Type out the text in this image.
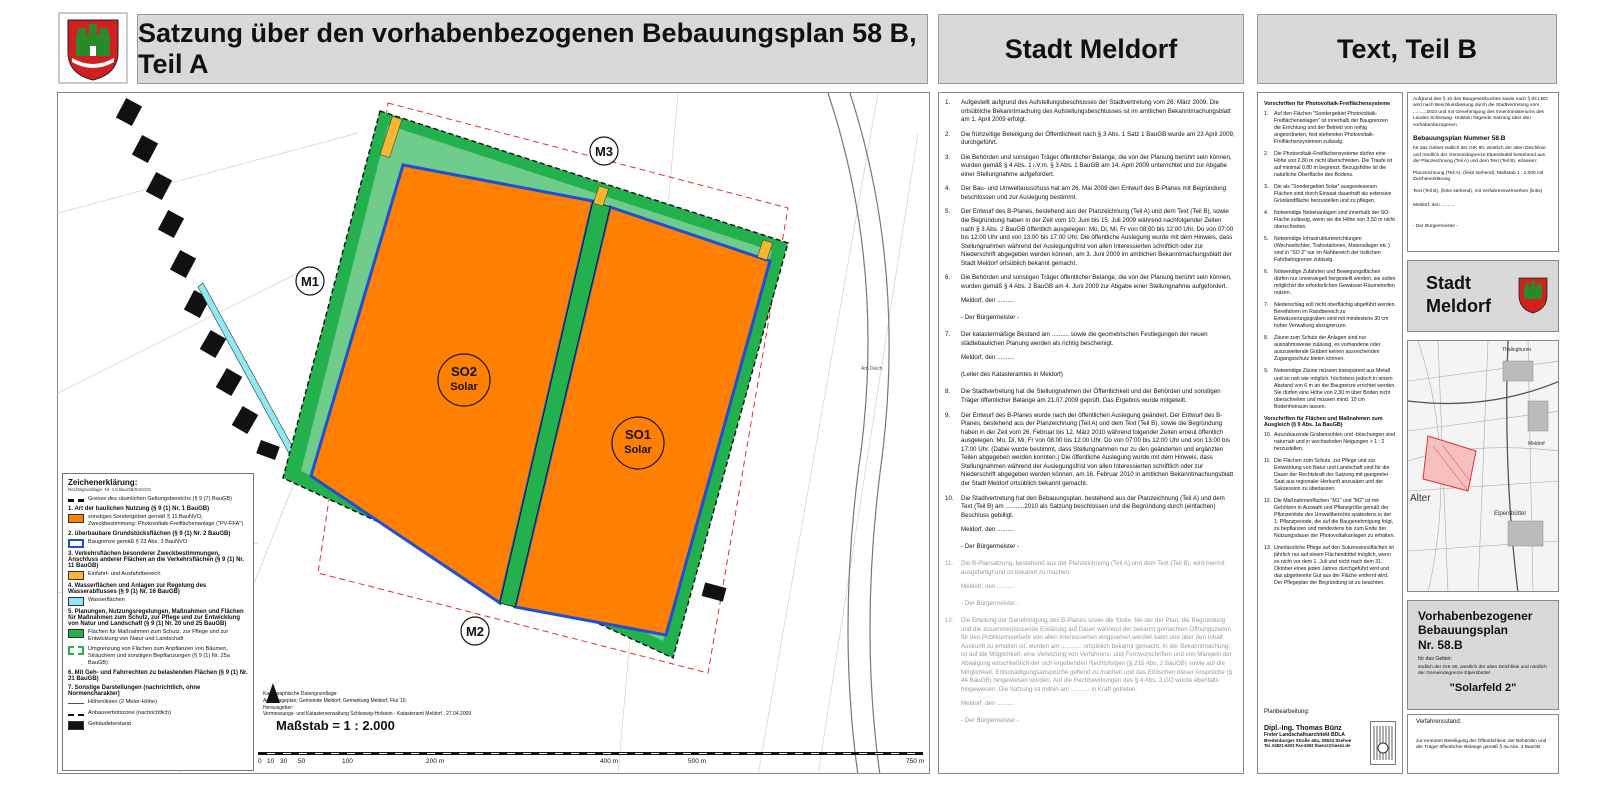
Satzung über den vorhabenbezogenen Bebauungsplan 58 B, Teil A
Stadt Meldorf	Text, Teil B
M1
M2
M3
SO2
Solar
SO1
Solar
Am Deich
Zeichenerklärung:
Rechtsgrundlage: Nr. 4.5 BauGB/ImSchG
Grenze des räumlichen Geltungsbereichs (§ 9 (7) BauGB)
1. Art der baulichen Nutzung (§ 9 (1) Nr. 1 BauGB)
sonstiges Sondergebiet gemäß § 11 BauNVO, Zweckbestimmung: Photovoltaik-Freiflächenanlage ("PV-FFA")
2. überbaubare Grundstücksflächen (§ 9 (1) Nr. 2 BauGB)
Baugrenze gemäß § 23 Abs. 3 BauNVO
3. Verkehrsflächen besonderer Zweckbestimmungen, Anschluss anderer Flächen an die Verkehrsflächen (§ 9 (1) Nr. 11 BauGB)
Einfahrt- und Ausfahrtbereich
4. Wasserflächen und Anlagen zur Regelung des Wasserabflusses (§ 9 (1) Nr. 16 BauGB)
Wasserflächen
5. Planungen, Nutzungsregelungen, Maßnahmen und Flächen für Maßnahmen zum Schutz, zur Pflege und zur Entwicklung von Natur und Landschaft (§ 9 (1) Nr. 20 und 25 BauGB)
Flächen für Maßnahmen zum Schutz, zur Pflege und zur Entwicklung von Natur und Landschaft
Umgrenzung von Flächen zum Anpflanzen von Bäumen, Sträuchern und sonstigen Bepflanzungen (§ 9 (1) Nr. 25a BauGB)
6. Mit Geh- und Fahrrechten zu belastenden Flächen (§ 9 (1) Nr. 21 BauGB)
7. Sonstige Darstellungen (nachrichtlich, ohne Normencharakter)
Höhenlinien (2 Meter-Höhe)
Anbauverbotszone (nachrichtlich)
Gebäudebestand
Kartographische Datengrundlage:
Amtl. Lageplan; Gemeinde Meldorf, Gemarkung Meldorf, Flur 16;
Herausgeber:
Vermessungs- und Katasterverwaltung Schleswig-Holstein - Katasteramt Meldorf , 27.04.2009
Maßstab = 1 : 2.000
0 10 30 50	100	200 m	400 m	500 m	750 m
1.	Aufgestellt aufgrund des Aufstellungsbeschlusses der Stadtvertretung vom 26. März 2009. Die ortsübliche Bekanntmachung des Aufstellungsbeschlusses ist im amtlichen Bekanntmachungsblatt am 1. April 2009 erfolgt.
2.	Die frühzeitige Beteiligung der Öffentlichkeit nach § 3 Abs. 1 Satz 1 BauGB wurde am 23 April 2009, durchgeführt.
3.	Die Behörden und sonstigen Träger öffentlicher Belange, die von der Planung berührt sein können, wurden gemäß § 4 Abs. 1 i.V.m. § 3 Abs. 1 BauGB am 14. April 2009 unterrichtet und zur Abgabe einer Stellungnahme aufgefordert.
4.	Der Bau- und Umweltausschuss hat am 26. Mai 2009 den Entwurf des B-Planes mit Begründung beschlossen und zur Auslegung bestimmt.
5.	Der Entwurf des B-Planes, bestehend aus der Planzeichnung (Teil A) und dem Text (Teil B), sowie die Begründung haben in der Zeit vom 10. Juni bis 15. Juli 2009 während nachfolgender Zeiten nach § 3 Abs. 2 BauGB öffentlich ausgelegen: Mo, Di, Mi, Fr von 08:00 bis 12:00 Uhr, Do von 07:00 bis 12:00 Uhr und von 13:00 bis 17:00 Uhr. Die öffentliche Auslegung wurde mit dem Hinweis, dass Stellungnahmen während der Auslegungsfrist von allen Interessierten schriftlich oder zur Niederschrift abgegeben werden können, am 3. Juni 2009 im amtlichen Bekanntmachungsblatt der Stadt Meldorf ortsüblich bekannt gemacht.
6.	Die Behörden und sonstigen Träger öffentlicher Belange, die von der Planung berührt sein können, wurden gemäß § 4 Abs. 2 BauGB am 4. Juni 2009 zur Abgabe einer Stellungnahme aufgefordert.
Meldorf, den ..........
- Der Bürgermeister -
7.	Der katastermäßige Bestand am .......... sowie die geometrischen Festlegungen der neuen städtebaulichen Planung werden als richtig bescheinigt.
Meldorf, den ..........
(Leiter des Katasteramtes in Meldorf)
8.	Die Stadtvertretung hat die Stellungnahmen der Öffentlichkeit und der Behörden und sonstigen Träger öffentlicher Belange am 21.07.2009 geprüft. Das Ergebnis wurde mitgeteilt.
9.	Der Entwurf des B-Planes wurde nach der öffentlichen Auslegung geändert. Der Entwurf des B-Planes, bestehend aus der Planzeichnung (Teil A) und dem Text (Teil B), sowie die Begründung haben in der Zeit vom 26. Februar bis 12. März 2010 während folgender Zeiten erneut öffentlich ausgelegen: Mo, Di, Mi, Fr von 08:00 bis 12:00 Uhr, Do von 07:00 bis 12:00 Uhr und von 13:00 bis 17:00 Uhr. (Dabei wurde bestimmt, dass Stellungnahmen nur zu den geänderten und ergänzten Teilen abgegeben werden konnten.) Die öffentliche Auslegung wurde mit dem Hinweis, dass Stellungnahmen während der Auslegungsfrist von allen Interessierten schriftlich oder zur Niederschrift abgegeben werden können, am 16. Februar 2010 in amtlichen Bekanntmachungsblatt der Stadt Meldorf ortsüblich bekannt gemacht.
10.	Die Stadtvertretung hat den Bebauungsplan, bestehend aus der Planzeichnung (Teil A) und dem Text (Teil B) am ...........2010 als Satzung beschlossen und die Begründung durch (einfachen) Beschluss gebilligt.
Meldorf, den ..........
- Der Bürgermeister -
11.	Die B-Plansatzung, bestehend aus der Planzeichnung (Teil A) und dem Text (Teil B), wird hiermit ausgefertigt und ist bekannt zu machen.
Meldorf, den ..........
- Der Bürgermeister -
12.	Die Erteilung der Genehmigung des B-Planes sowie die Stelle, bei der der Plan, die Begründung und die zusammenfassende Erklärung auf Dauer während der bekannt gemachten Öffnungszeiten für den Publikumsverkehr von allen Interessierten eingesehen werden kann und über den Inhalt Auskunft zu erhalten ist, wurden am ............ ortsüblich bekannt gemacht. In der Bekanntmachung ist auf die Möglichkeit, eine Verletzung von Verfahrens- und Formvorschriften und von Mängeln der Abwägung einschließlich der sich ergebenden Rechtsfolgen (§ 215 Abs. 2 BauGB) sowie auf die Möglichkeit, Entschädigungsansprüche geltend zu machen und das Erlöschen dieser Ansprüche (§ 44 BauGB) hingewiesen worden. Auf die Rechtswirkungen des § 4 Abs. 3 GO wurde ebenfalls hingewiesen. Die Satzung ist mithin am ........... in Kraft getreten.
Meldorf, den ..........
- Der Bürgermeister -
Vorschriften für Photovoltaik-Freiflächensysteme

1.	Auf den Flächen "Sondergebiet Photovoltaik-Freiflächenanlagen" ist innerhalb der Baugrenzen die Errichtung und der Betrieb von reihig angeordneten, fest stehenden Photovoltaik-Freiflächensystemen zulässig.

2.	Die Photovoltaik-Freiflächensysteme dürfen eine Höhe von 2,80 m nicht überschreiten. Die Traufe ist auf minimal 0,80 m begrenzt. Bezugshöhe ist die natürliche Oberfläche des Bodens.

3.	Die als "Sondergebiet Solar" ausgewiesenen Flächen sind durch Einsaat dauerhaft als extensive Grünlandfläche herzustellen und zu pflegen.

4.	Notwendige Nebenanlagen sind innerhalb der SO-Fläche zulässig, wenn sie die Höhe von 3,50 m nicht überschreiten.

5.	Notwendige Infrastruktureinrichtungen (Wechselrichter, Trafostationen, Materiallager etc.) sind in "SO 2" nur im Nahbereich der östlichen Fahrbahngrenze zulässig.

6.	Notwendige Zufahrten und Bewegungsflächen dürfen nur unversiegelt hergestellt werden, sie sollen möglichst die erforderlichen Gewässer-Räumstreifen nutzen.

7.	Niederschlag soll nicht oberflächig abgeführt werden. Bereifahren im Randbereich zu Entwässerungsgräben sind mit mindestens 30 cm hoher Verwallung abzugrenzen.

8.	Zäune zum Schutz der Anlagen sind nur ausnahmsweise zulässig, es vorhandene oder auszuweitende Gräben keinen ausreichenden Zugangsschutz bieten können.

9.	Notwendige Zäune müssen transparent aus Metall und so nah wie möglich, höchstens jedoch in einem Abstand von 6 m an der Baugrenze errichtet werden. Sie dürfen eine Höhe von 2,30 m über Boden nicht überschreiten und müssen mind. 10 cm Bodenfreiraum lassen.

Vorschriften für Flächen und Maßnahmen zum Ausgleich (§ 9 Abs. 1a BauGB)

10. Auszubauende Grabensohlen und -böschungen sind naturnah und in wechselnden Neigungen > 1 : 2 herzustellen.

11. Die Flächen zum Schutz, zur Pflege und zur Entwicklung von Natur und Landschaft sind für die Dauer der Rechtskraft der Satzung mit geeigneter Saat aus regionaler Herkunft anzusäen und der Sukzession zu überlassen.

12. Die Maßnahmenflächen "M1" und "M2" ist mit Gehölzen in Auswahl und Pflanzgröße gemäß der Pflanzenliste des Umweltberichts spätestens in der 1. Pflanzperiode, die auf die Baugenehmigung folgt, zu bepflanzen und mindestens bis zum Ende der Nutzungsdauer der Photovoltaikanlagen zu erhalten.

13. Unerlässliche Pflege auf den Sukzessionsflächen ist jährlich nur auf einem Flächendrittel möglich, wenn es nicht vor dem 1. Juli und nicht nach dem 31. Oktober eines jeden Jahres durchgeführt wird und das abgetrennte Gut aus der Fläche entfernt wird. Der Pflegeplan der Begründung ist zu beachten.

Planbearbeitung:
Dipl.-Ing. Thomas Bünz
Freier Landschaftsarchitekt BDLA
Breitenburger Straße 40a, 25524 Itzehoe
Tel. 04821-6303 Fax-6363 tbuenz@buenz.de
Aufgrund des § 10 des Baugesetzbuches sowie nach § 84 LBO wird nach Beschlussfassung durch die Stadtvertretung vom ..........2010 und mit Genehmigung des Innenministeriums des Landes Schleswig- Holstein folgende Satzung über den vorhabenbezogenen
Bebauungsplan Nummer 58.B
für das Gebiet südlich der GIK 80, westlich der alten Deichlinie und nördlich der Gemeindegrenze Elpersbüttel bestehend aus der Planzeichnung (Teil A) und dem Text (Teil B), erlassen:
Planzeichnung (Teil A), (links stehend), Maßstab 1 : 2.000 mit Zeichenerklärung
Text (Teil B), (links stehend), mit Verfahrensvermerken (links)
Meldorf, den ..........
- Der Bürgermeister -
Stadt
Meldorf
Alter
Elpersbüttel
Thalingburen
Meldorf
Vorhabenbezogener
Bebauungsplan
Nr. 58.B
für das Gebiet:
südlich der GIK 80, westlich der alten Deichlinie und nördlich der Gemeindegrenze Elpersbüttel
"Solarfeld 2"
Verfahrensstand:
zur erneuten Beteiligung der Öffentlichkeit, der Behörden und der Träger öffentlicher Belange gemäß § 4a Abs. 3 BauGB
